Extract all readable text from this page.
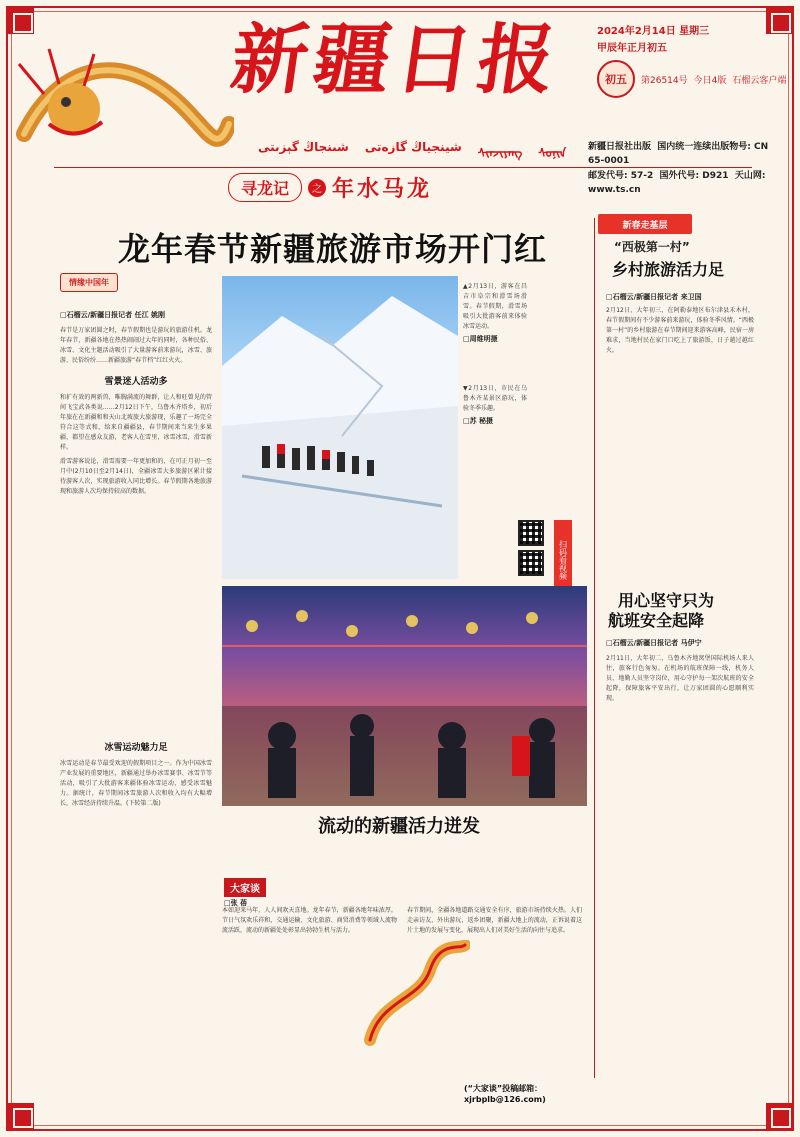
新疆日报
شىنجاڭ گېزىتى شينجياڭ گازەتى ᠱᠢᠨᠵᠢᠶᠠᠩ ᠰᠣᠨᠢᠨ
2024年2月14日 星期三
甲辰年正月初五
初五	第26514号 今日4版 石榴云客户端
新疆日报社出版 国内统一连续出版物号: CN 65-0001
邮发代号: 57-2 国外代号: D921 天山网: www.ts.cn
寻龙记	之 年水马龙
龙年春节新疆旅游市场开门红
情缘中国年
□石榴云/新疆日报记者 任江 姚刚

春节是万家团圆之时，春节假期也是游玩的旅游佳机。龙年春节，新疆各地在热热闹闹过大年的同时，各种民俗、冰雪、文化主题活动吸引了大量游客前来游玩，冰雪、旅游、民俗纷纷……新疆旅游“春节档”红红火火。

雪景迷人活动多

和扩有效的两新兽，唯胸满流的舞群，让人和旺曾见的管间飞宝武各类说……2月12日下午，乌鲁木齐塔乡，初后年旅在在新疆和和天山北坡旅大旅游现，乐趣了一场完全符合这等式和，给来自疆疆县，春节期间来当来生多果疆，都望在感众友游，老客人在雪里，冰雪冰雪，滑雪新样。

滑雪游客说论，滑雪需要一年更加和的，在可正月初一至月中(2月10日至2月14日)，全疆冰雪大多旅游区累计接待游客人次，实现旅游收入同比增长。春节假期各地旅游现和旅游人次均保持较高的数据。

冰雪运动魅力足

冰雪运动是春节最受欢迎的假期项目之一。作为中国冰雪产业发展的重要地区，新疆通过举办冰雪赛事、冰雪节等活动，吸引了大批游客来疆体验冰雪运动，感受冰雪魅力。据统计，春节期间冰雪旅游人次和收入均有大幅增长，冰雪经济持续升温。(下转第二版)

▲2月13日，游客在昌吉市阜宗和滑雪场滑雪。春节假期，滑雪场吸引大批游客前来体验冰雪运动。

□周维明摄

▼2月13日，市民在乌鲁木齐某景区游玩，体验冬季乐趣。

□苏 秘摄

扫码看视频
流动的新疆活力迸发
大家谈
□张 蓓

本如迎来马年，人人间欢天喜地。龙年春节，新疆各地年味浓厚，节日气氛欢乐祥和，交通运输、文化旅游、商贸消费等领域人流物流活跃，流动的新疆处处彰显出勃勃生机与活力。

春节期间，全疆各地道路交通安全有序，旅游市场持续火热。人们走亲访友、外出游玩、返乡团聚，新疆大地上的流动，正诉说着这片土地的发展与变化，展现出人们对美好生活的向往与追求。

(“大家谈”投稿邮箱：
xjrbplb@126.com)
新春走基层
“西极第一村”
乡村旅游活力足
□石榴云/新疆日报记者 来卫国

2月12日，大年初三，在阿勒泰地区布尔津县禾木村，春节假期间有不少游客前来游玩，体验冬季风情。“西极第一村”的乡村旅游在春节期间迎来游客高峰，民宿一房难求，当地村民在家门口吃上了旅游饭，日子越过越红火。

用心坚守只为
航班安全起降
□石榴云/新疆日报记者 马伊宁

2月11日，大年初二，乌鲁木齐地窝堡国际机场人来人往，旅客行色匆匆。在机场的航班保障一线，机务人员、地勤人员坚守岗位，用心守护每一架次航班的安全起降，保障旅客平安出行，让万家团圆的心愿顺利实现。
